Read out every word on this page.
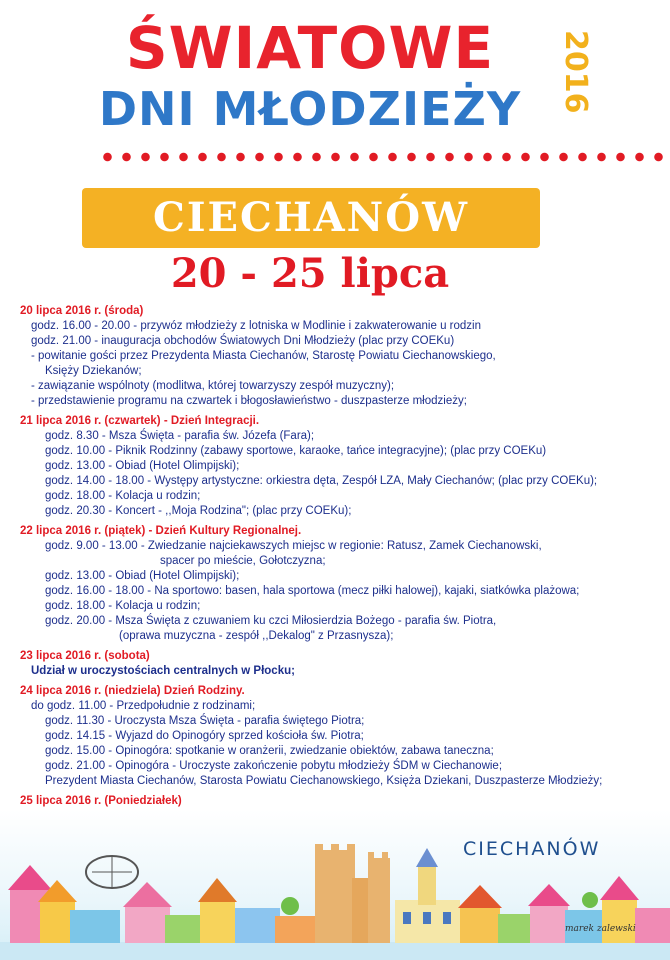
ŚWIATOWE
DNI MŁODZIEŻY	2016
CIECHANÓW
20 - 25 lipca
20 lipca 2016 r. (środa)
godz. 16.00 - 20.00 - przywóz młodzieży z lotniska w Modlinie i zakwaterowanie u rodzin
godz. 21.00 - inauguracja obchodów Światowych Dni Młodzieży (plac przy COEKu)
- powitanie gości przez Prezydenta Miasta Ciechanów, Starostę Powiatu Ciechanowskiego,
Księży Dziekanów;
- zawiązanie wspólnoty (modlitwa, której towarzyszy zespół muzyczny);
- przedstawienie programu na czwartek i błogosławieństwo - duszpasterze młodzieży;
21 lipca 2016 r. (czwartek) - Dzień Integracji.
godz. 8.30 - Msza Święta - parafia św. Józefa (Fara);
godz. 10.00 - Piknik Rodzinny (zabawy sportowe, karaoke, tańce integracyjne); (plac przy COEKu)
godz. 13.00 - Obiad (Hotel Olimpijski);
godz. 14.00 - 18.00 - Występy artystyczne: orkiestra dęta, Zespół LZA, Mały Ciechanów; (plac przy COEKu);
godz. 18.00 - Kolacja u rodzin;
godz. 20.30 - Koncert - ,,Moja Rodzina"; (plac przy COEKu);
22 lipca 2016 r. (piątek) - Dzień Kultury Regionalnej.
godz. 9.00 - 13.00 - Zwiedzanie najciekawszych miejsc w regionie: Ratusz, Zamek Ciechanowski,
spacer po mieście, Gołotczyzna;
godz. 13.00 - Obiad (Hotel Olimpijski);
godz. 16.00 - 18.00 - Na sportowo: basen, hala sportowa (mecz piłki halowej), kajaki, siatkówka plażowa;
godz. 18.00 - Kolacja u rodzin;
godz. 20.00 - Msza Święta z czuwaniem ku czci Miłosierdzia Bożego - parafia św. Piotra,
(oprawa muzyczna - zespół ,,Dekalog" z Przasnysza);
23 lipca 2016 r. (sobota)
Udział w uroczystościach centralnych w Płocku;
24 lipca 2016 r. (niedziela) Dzień Rodziny.
do godz. 11.00 - Przedpołudnie z rodzinami;
godz. 11.30 - Uroczysta Msza Święta - parafia świętego Piotra;
godz. 14.15 - Wyjazd do Opinogóry sprzed kościoła św. Piotra;
godz. 15.00 - Opinogóra: spotkanie w oranżerii, zwiedzanie obiektów, zabawa taneczna;
godz. 21.00 - Opinogóra - Uroczyste zakończenie pobytu młodzieży ŚDM w Ciechanowie;
Prezydent Miasta Ciechanów, Starosta Powiatu Ciechanowskiego, Księża Dziekani, Duszpasterze Młodzieży;
25 lipca 2016 r. (Poniedziałek)
CIECHANÓW
marek zalewski
